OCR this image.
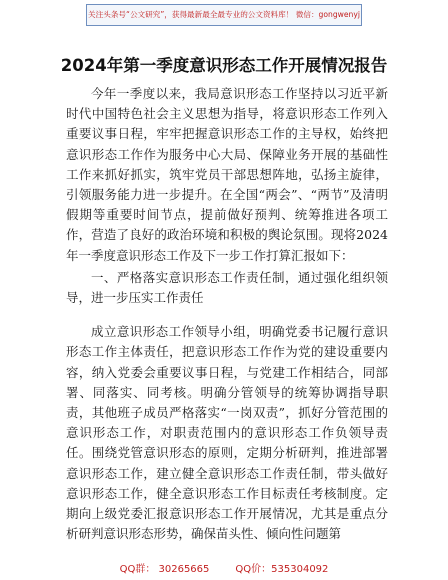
关注头条号“公文研究”，获得最新最全最专业的公文资料库！ 微信：gongwenyj
2024年第一季度意识形态工作开展情况报告

今年一季度以来，我局意识形态工作坚持以习近平新时代中国特色社会主义思想为指导，将意识形态工作列入重要议事日程，牢牢把握意识形态工作的主导权，始终把意识形态工作作为服务中心大局、保障业务开展的基础性工作来抓好抓实，筑牢党员干部思想阵地，弘扬主旋律，引领服务能力进一步提升。在全国“两会”、“两节”及清明假期等重要时间节点，提前做好预判、统筹推进各项工作，营造了良好的政治环境和积极的舆论氛围。现将2024年一季度意识形态工作及下一步工作打算汇报如下：

一、严格落实意识形态工作责任制，通过强化组织领导，进一步压实工作责任

成立意识形态工作领导小组，明确党委书记履行意识形态工作主体责任，把意识形态工作作为党的建设重要内容，纳入党委会重要议事日程，与党建工作相结合，同部署、同落实、同考核。明确分管领导的统筹协调指导职责，其他班子成员严格落实“一岗双责”，抓好分管范围的意识形态工作，对职责范围内的意识形态工作负领导责任。围绕党管意识形态的原则，定期分析研判，推进部署意识形态工作，建立健全意识形态工作责任制，带头做好意识形态工作，健全意识形态工作目标责任考核制度。定期向上级党委汇报意识形态工作开展情况，尤其是重点分析研判意识形态形势，确保苗头性、倾向性问题第

QQ群： 30265665	QQ价：535304092
